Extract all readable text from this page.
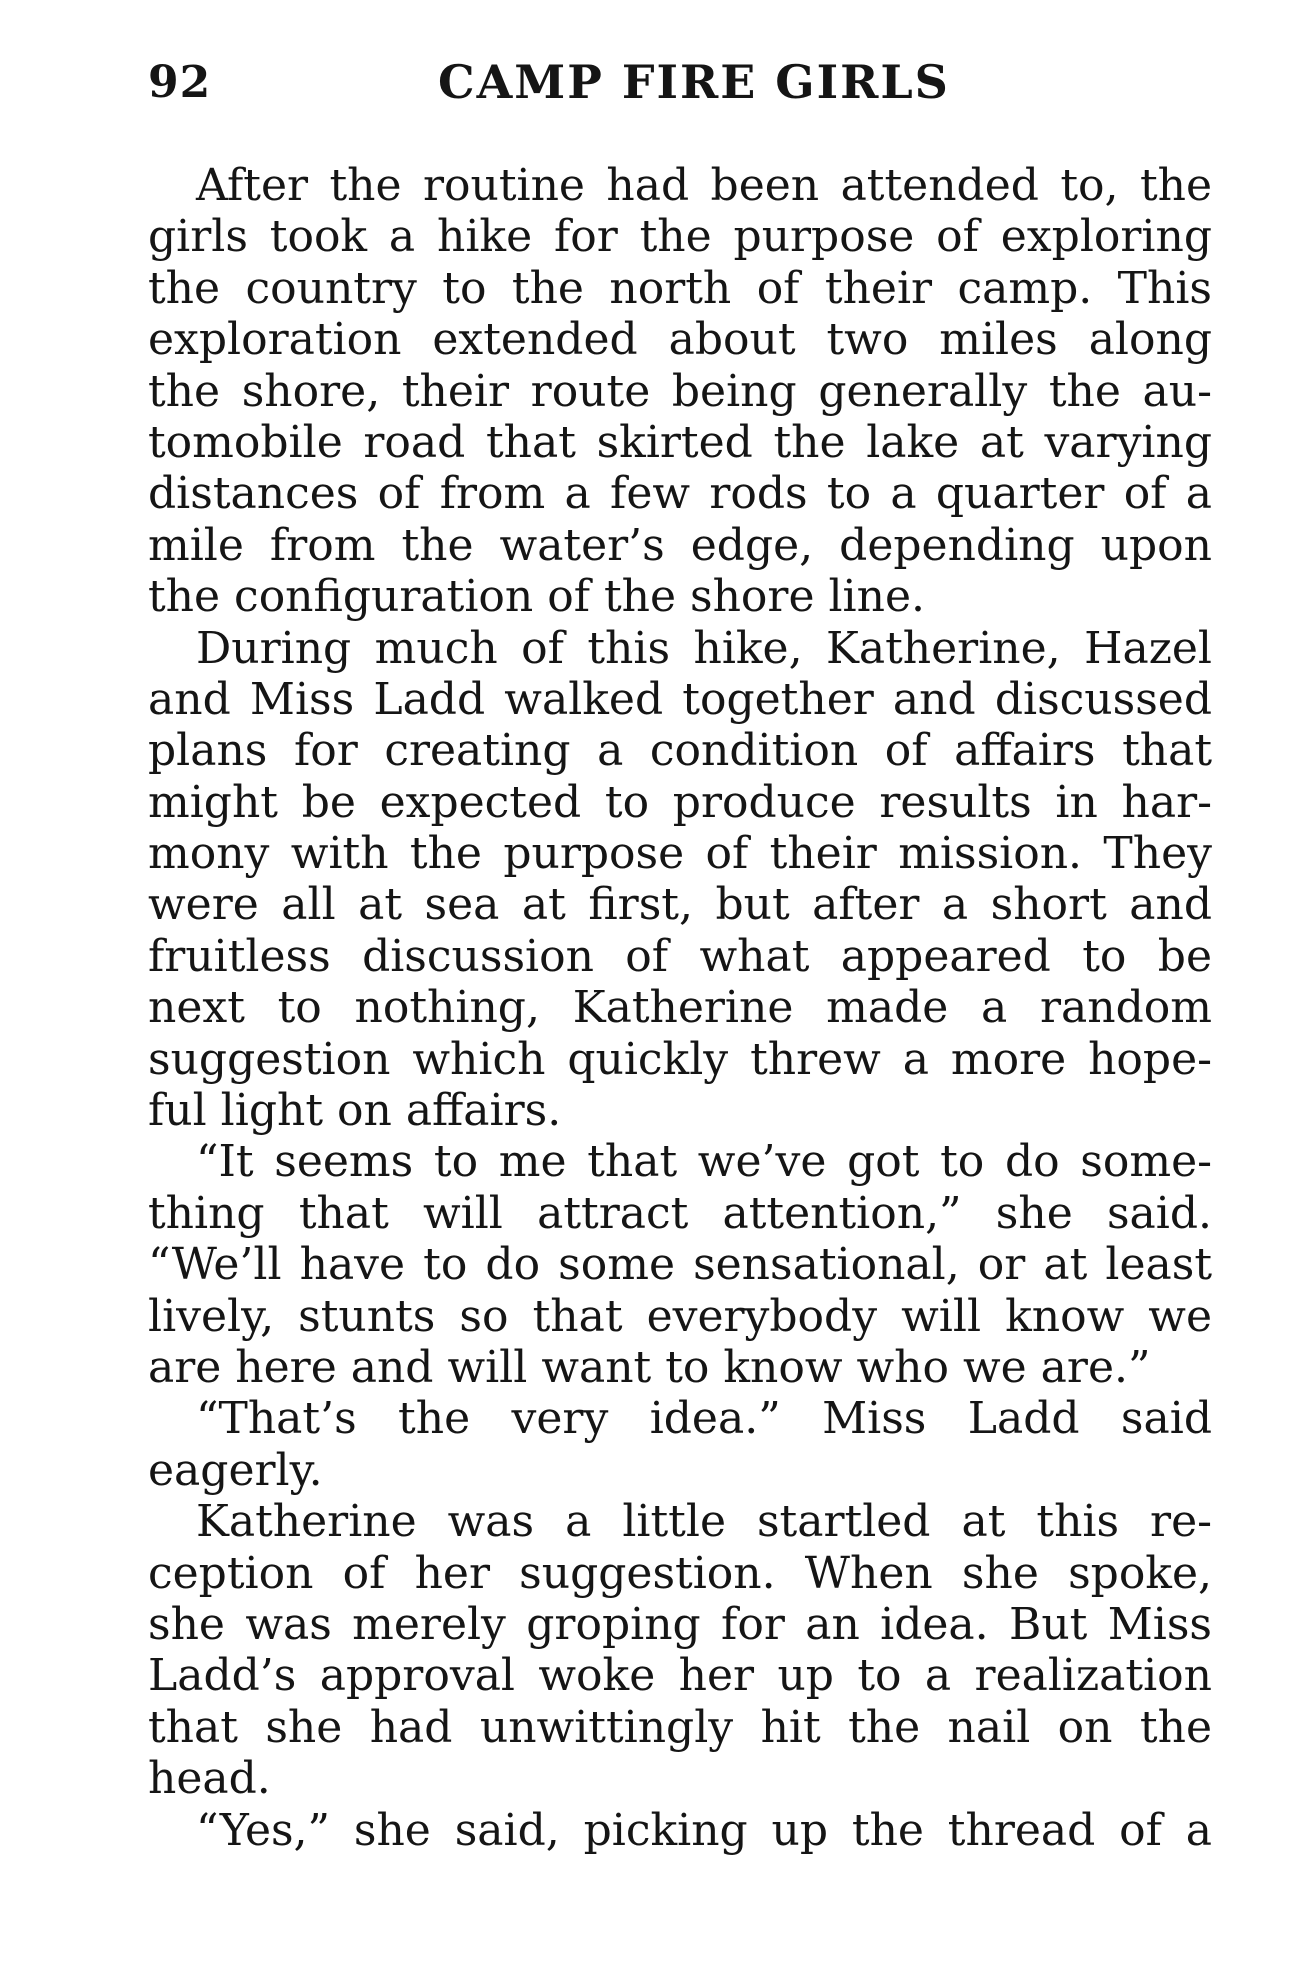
92	CAMP FIRE GIRLS
After the routine had been attended to, the
girls took a hike for the purpose of exploring
the country to the north of their camp. This
exploration extended about two miles along
the shore, their route being generally the au-
tomobile road that skirted the lake at varying
distances of from a few rods to a quarter of a
mile from the water’s edge, depending upon
the configuration of the shore line.
During much of this hike, Katherine, Hazel
and Miss Ladd walked together and discussed
plans for creating a condition of affairs that
might be expected to produce results in har-
mony with the purpose of their mission. They
were all at sea at first, but after a short and
fruitless discussion of what appeared to be
next to nothing, Katherine made a random
suggestion which quickly threw a more hope-
ful light on affairs.
“It seems to me that we’ve got to do some-
thing that will attract attention,” she said.
“We’ll have to do some sensational, or at least
lively, stunts so that everybody will know we
are here and will want to know who we are.”
“That’s the very idea.” Miss Ladd said
eagerly.
Katherine was a little startled at this re-
ception of her suggestion. When she spoke,
she was merely groping for an idea. But Miss
Ladd’s approval woke her up to a realization
that she had unwittingly hit the nail on the
head.
“Yes,” she said, picking up the thread of a
